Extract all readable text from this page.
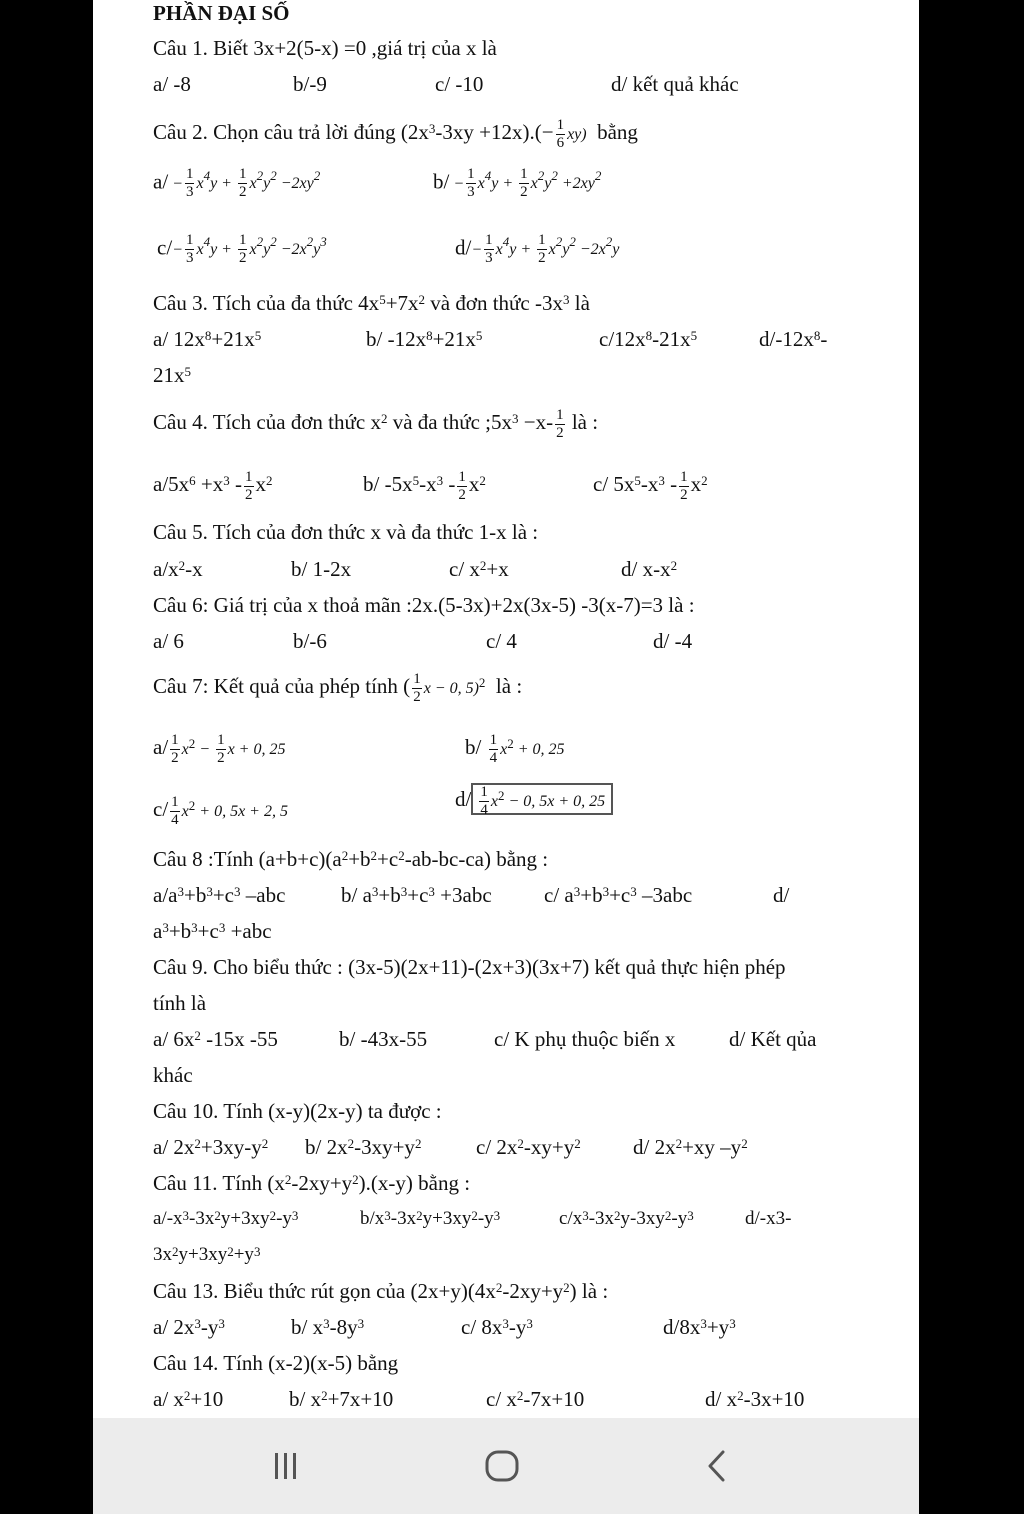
PHẦN ĐẠI SỐ
Câu 1. Biết 3x+2(5-x) =0 ,giá trị của x là
a/ -8	b/-9	c/ -10	d/ kết quả khác
Câu 2. Chọn câu trả lời đúng $(2x^3-3xy +12x).(- \frac{1}{6} xy)$ bằng
$a/ - \frac{1}{3} x^4y + \frac{1}{2} x^2y^2 -2xy^2$	$b/ - \frac{1}{3} x^4y + \frac{1}{2} x^2y^2 +2xy^2$
$c/- \frac{1}{3} x^4y + \frac{1}{2} x^2y^2 -2x^2y^3$	$d/- \frac{1}{3} x^4y + \frac{1}{2} x^2y^2 -2x^2y$
Câu 3. Tích của đa thức $4x^5+7x^2$ và đơn thức $-3x^3$ là
a/ $12x^8+21x^5$	b/ $-12x^8+21x^5$	$c/12x^8-21x^5$	$d/-12x^8-$
$21x^5$
Câu 4. Tích của đơn thức $x^2$ và đa thức $;5x^3 -x- \frac{1}{2}$ là :
$a/5x^6 +x^3 - \frac{1}{2} x^2$	b/ $-5x^5-x^3 - \frac{1}{2} x^2$	c/ $5x^5-x^3 - \frac{1}{2} x^2$
Câu 5. Tích của đơn thức x và đa thức 1-x là :
$a/x^2-x$	b/ 1-2x	c/ $x^2+x$	d/ $x-x^2$
Câu 6: Giá trị của x thoả mãn :2x.(5-3x)+2x(3x-5) -3(x-7)=3 là :
a/ 6	b/-6	c/ 4	d/ -4
Câu 7: Kết quả của phép tính ( $\frac{1}{2}$ x − 0, 5)$^2$ là :
$a/ \frac{1}{2} x^2 - \frac{1}{2}$ x + 0, 25	$b/ \frac{1}{4} x^2 + 0$, 25
$c/ \frac{1}{4} x^2 + 0$, 5x + 2, 5
$d/ \frac{1}{4} x^2 - 0$, 5x + 0, 25
Câu 8 :Tính $(a+b+c)(a^2+b^2+c^2-ab-bc-ca)$ bằng :
$a/a^3+b^3+c^3$ –abc	b/ $a^3+b^3+c^3 +3abc$ c/ $a^3+b^3+c^3$ –3abc	d/
$a^3+b^3+c^3 +abc$
Câu 9. Cho biểu thức : (3x-5)(2x+11)-(2x+3)(3x+7) kết quả thực hiện phép
tính là
a/ $6x^2$ -15x -55	b/ -43x-55	c/ K phụ thuộc biến x	d/ Kết qủa
khác
Câu 10. Tính (x-y)(2x-y) ta được :
a/ $2x^2+3xy-y^2$ b/ $2x^2-3xy+y^2$	c/ $2x^2-xy+y^2$ d/ $2x^2+xy$ $-y^2$
Câu 11. Tính $(x^2-2xy+y^2).(x-y)$ bằng :
$a/-x^3-3x^2y+3xy^2-y^3$	$b/x^3-3x^2y+3xy^2-y^3$	$c/x^3-3x^2y-3xy^2-y^3$	d/-x3-
$3x^2y+3xy^2+y^3$
Câu 13. Biểu thức rút gọn của $(2x+y)(4x^2-2xy+y^2)$ là :
a/ $2x^3-y^3$	b/ $x^3-8y^3$	c/ $8x^3-y^3$	$d/8x^3+y^3$
Câu 14. Tính (x-2)(x-5) bằng
a/ $x^2+10$	b/ $x^2+7x+10$	c/ $x^2-7x+10$	d/ $x^2-3x+10$
